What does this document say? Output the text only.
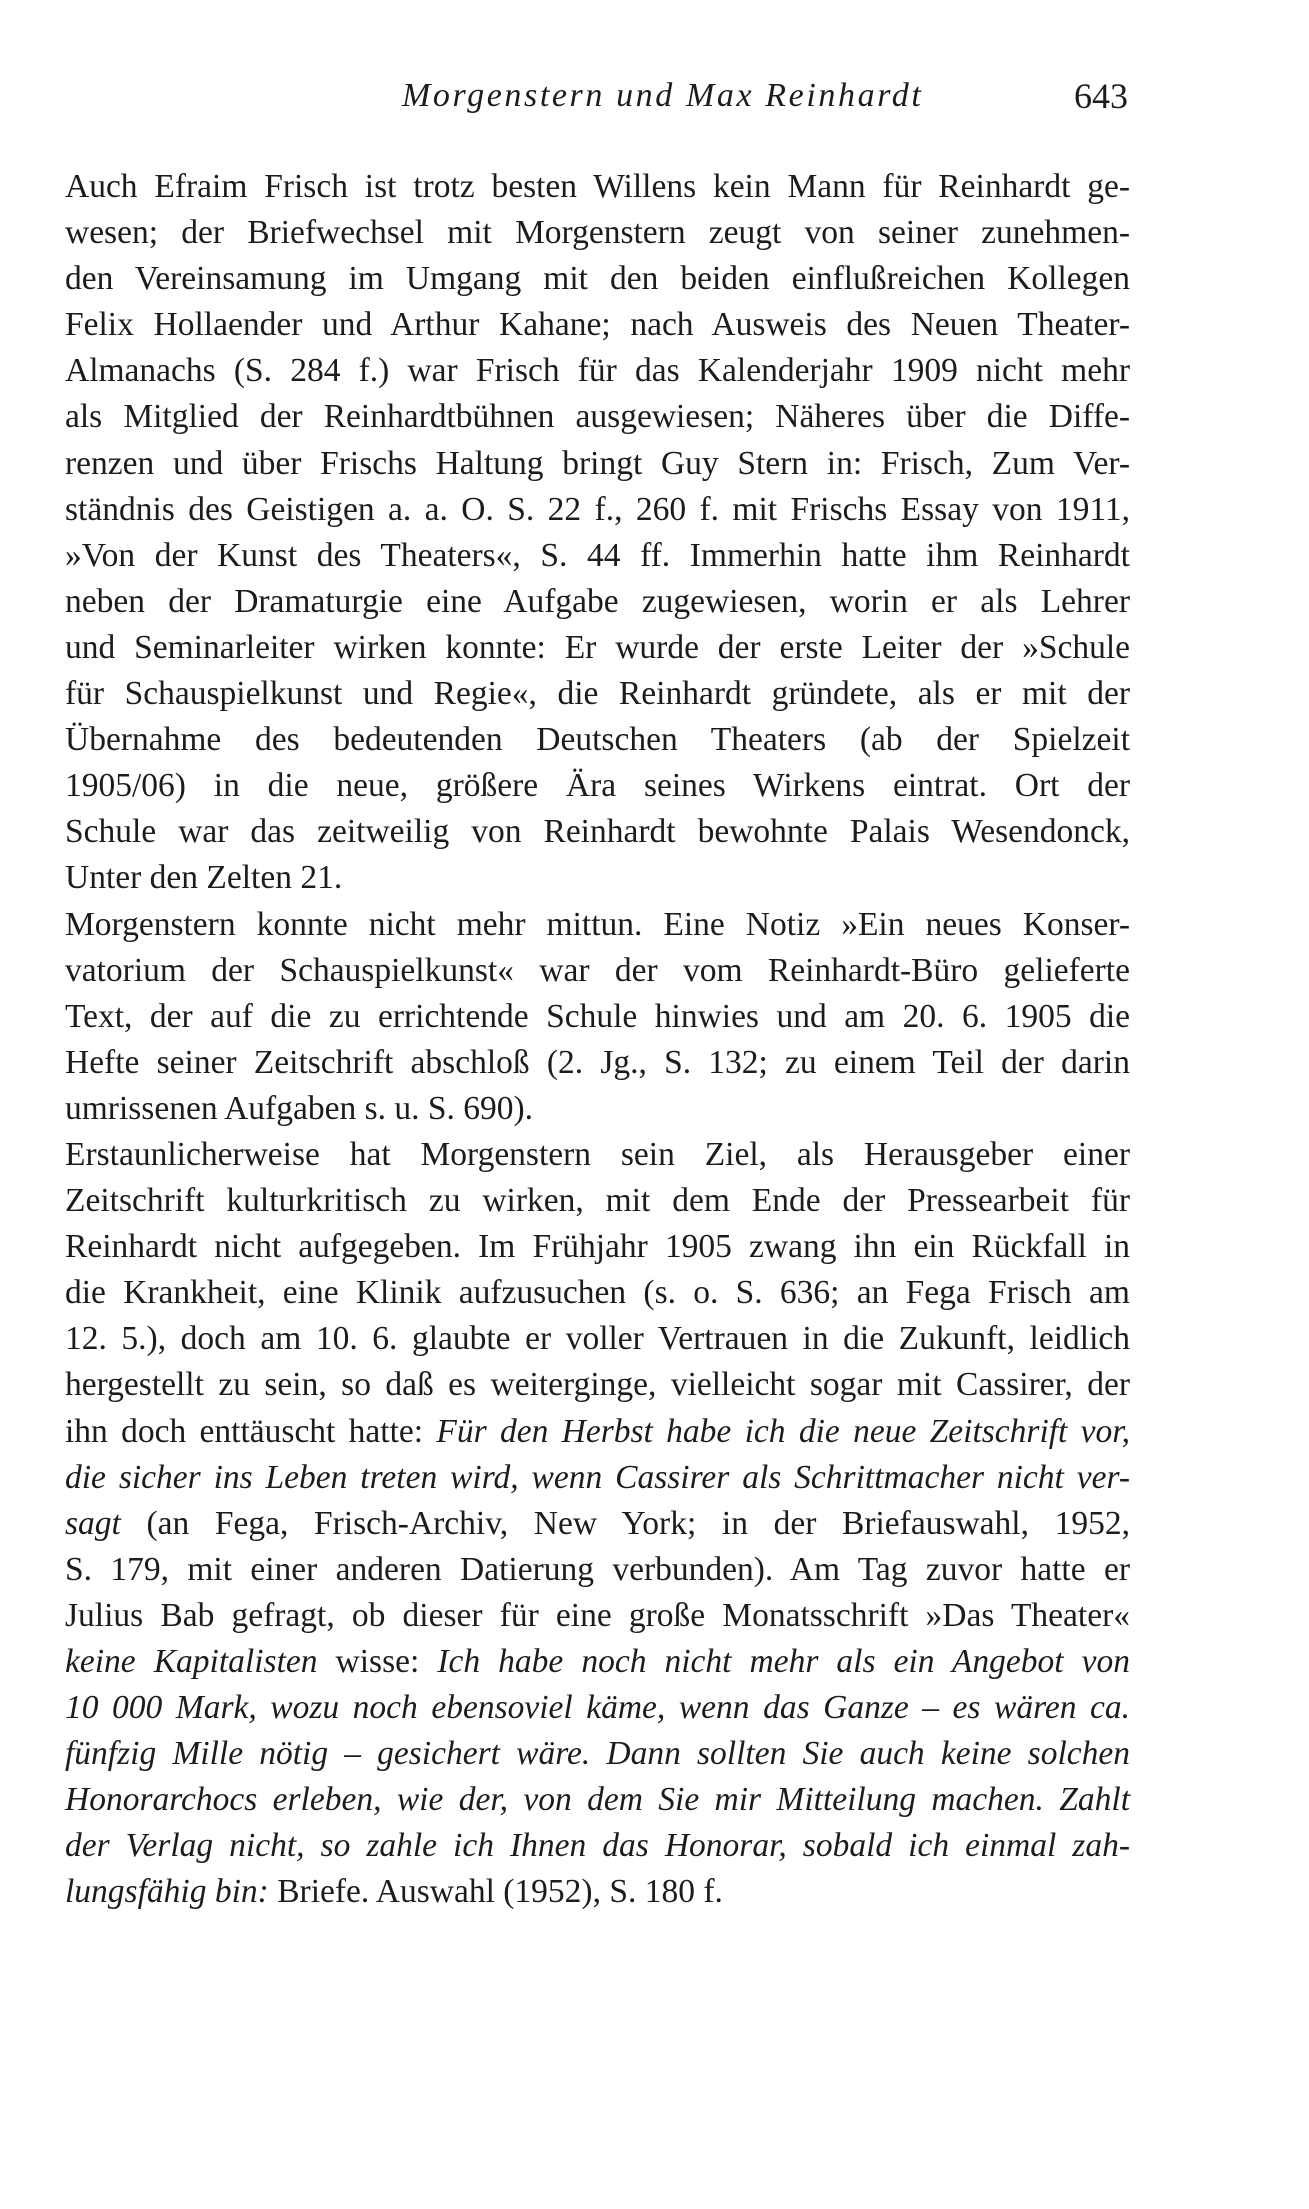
Morgenstern und Max Reinhardt	643
Auch Efraim Frisch ist trotz besten Willens kein Mann für Reinhardt ge-
wesen; der Briefwechsel mit Morgenstern zeugt von seiner zunehmen-
den Vereinsamung im Umgang mit den beiden einflußreichen Kollegen
Felix Hollaender und Arthur Kahane; nach Ausweis des Neuen Theater-
Almanachs (S. 284 f.) war Frisch für das Kalenderjahr 1909 nicht mehr
als Mitglied der Reinhardtbühnen ausgewiesen; Näheres über die Diffe-
renzen und über Frischs Haltung bringt Guy Stern in: Frisch, Zum Ver-
ständnis des Geistigen a. a. O. S. 22 f., 260 f. mit Frischs Essay von 1911,
»Von der Kunst des Theaters«, S. 44 ff. Immerhin hatte ihm Reinhardt
neben der Dramaturgie eine Aufgabe zugewiesen, worin er als Lehrer
und Seminarleiter wirken konnte: Er wurde der erste Leiter der »Schule
für Schauspielkunst und Regie«, die Reinhardt gründete, als er mit der
Übernahme des bedeutenden Deutschen Theaters (ab der Spielzeit
1905/06) in die neue, größere Ära seines Wirkens eintrat. Ort der
Schule war das zeitweilig von Reinhardt bewohnte Palais Wesendonck,
Unter den Zelten 21.
Morgenstern konnte nicht mehr mittun. Eine Notiz »Ein neues Konser-
vatorium der Schauspielkunst« war der vom Reinhardt-Büro gelieferte
Text, der auf die zu errichtende Schule hinwies und am 20. 6. 1905 die
Hefte seiner Zeitschrift abschloß (2. Jg., S. 132; zu einem Teil der darin
umrissenen Aufgaben s. u. S. 690).
Erstaunlicherweise hat Morgenstern sein Ziel, als Herausgeber einer
Zeitschrift kulturkritisch zu wirken, mit dem Ende der Pressearbeit für
Reinhardt nicht aufgegeben. Im Frühjahr 1905 zwang ihn ein Rückfall in
die Krankheit, eine Klinik aufzusuchen (s. o. S. 636; an Fega Frisch am
12. 5.), doch am 10. 6. glaubte er voller Vertrauen in die Zukunft, leidlich
hergestellt zu sein, so daß es weiterginge, vielleicht sogar mit Cassirer, der
ihn doch enttäuscht hatte: Für den Herbst habe ich die neue Zeitschrift vor,
die sicher ins Leben treten wird, wenn Cassirer als Schrittmacher nicht ver-
sagt (an Fega, Frisch-Archiv, New York; in der Briefauswahl, 1952,
S. 179, mit einer anderen Datierung verbunden). Am Tag zuvor hatte er
Julius Bab gefragt, ob dieser für eine große Monatsschrift »Das Theater«
keine Kapitalisten wisse: Ich habe noch nicht mehr als ein Angebot von
10 000 Mark, wozu noch ebensoviel käme, wenn das Ganze – es wären ca.
fünfzig Mille nötig – gesichert wäre. Dann sollten Sie auch keine solchen
Honorarchocs erleben, wie der, von dem Sie mir Mitteilung machen. Zahlt
der Verlag nicht, so zahle ich Ihnen das Honorar, sobald ich einmal zah-
lungsfähig bin: Briefe. Auswahl (1952), S. 180 f.
